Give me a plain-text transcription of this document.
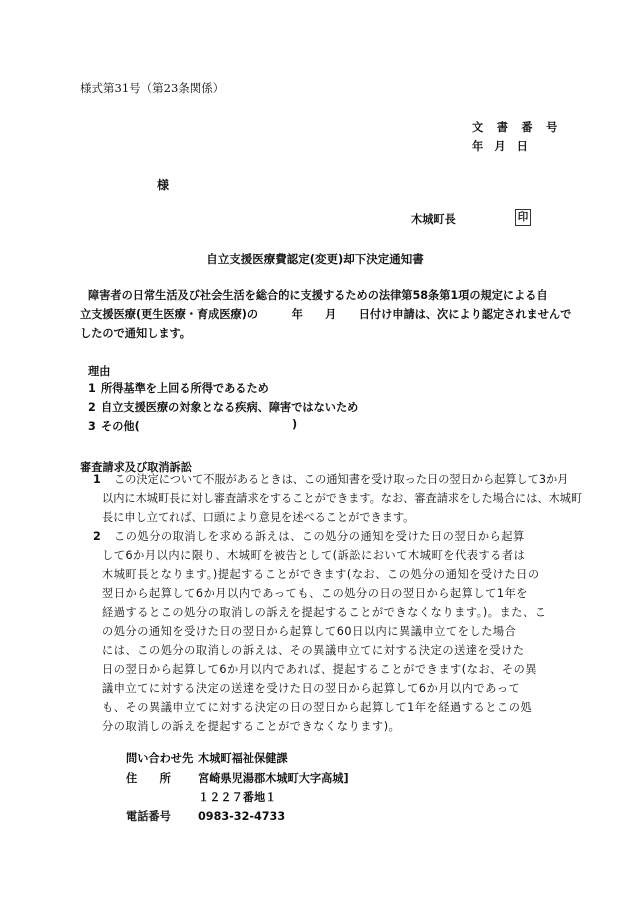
様式第31号（第23条関係）
文書番号
年　月　日
様
木城町長	印
自立支援医療費認定(変更)却下決定通知書
障害者の日常生活及び社会生活を総合的に支援するための法律第58条第1項の規定による自
立支援医療(更生医療・育成医療)の　　　年　　月　　日付け申請は、次により認定されませんで
したので通知します。
理由
1 所得基準を上回る所得であるため
2 自立支援医療の対象となる疾病、障害ではないため
3 その他(	)
審査請求及び取消訴訟
1	この決定について不服があるときは、この通知書を受け取った日の翌日から起算して3か月
以内に木城町長に対し審査請求をすることができます。なお、審査請求をした場合には、木城町
長に申し立てれば、口頭により意見を述べることができます。
2	この処分の取消しを求める訴えは、この処分の通知を受けた日の翌日から起算
して6か月以内に限り、木城町を被告として(訴訟において木城町を代表する者は
木城町長となります。)提起することができます(なお、この処分の通知を受けた日の
翌日から起算して6か月以内であっても、この処分の日の翌日から起算して1年を
経過するとこの処分の取消しの訴えを提起することができなくなります。)。また、こ
の処分の通知を受けた日の翌日から起算して60日以内に異議申立てをした場合
には、この処分の取消しの訴えは、その異議申立てに対する決定の送達を受けた
日の翌日から起算して6か月以内であれば、提起することができます(なお、その異
議申立てに対する決定の送達を受けた日の翌日から起算して6か月以内であって
も、その異議申立てに対する決定の日の翌日から起算して1年を経過するとこの処
分の取消しの訴えを提起することができなくなります)。
問い合わせ先 木城町福祉保健課
住　　所 宮崎県児湯郡木城町大字高城]
１２２７番地１
電話番号 0983-32-4733
